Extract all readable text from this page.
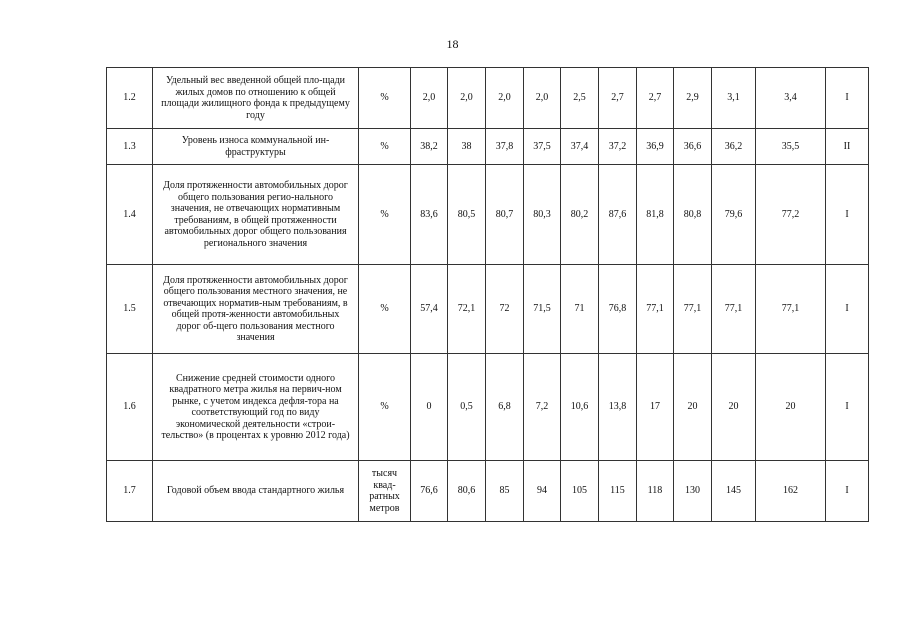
18
1.2	Удельный вес введенной общей пло-щади жилых домов по отношению к общей площади жилищного фонда к предыдущему году	%	2,0	2,0	2,0	2,0	2,5	2,7	2,7	2,9	3,1	3,4	I
1.3	Уровень износа коммунальной ин-фраструктуры	%	38,2	38	37,8	37,5	37,4	37,2	36,9	36,6	36,2	35,5	II
1.4	Доля протяженности автомобильных дорог общего пользования регио-нального значения, не отвечающих нормативным требованиям, в общей протяженности автомобильных дорог общего пользования регионального значения	%	83,6	80,5	80,7	80,3	80,2	87,6	81,8	80,8	79,6	77,2	I
1.5	Доля протяженности автомобильных дорог общего пользования местного значения, не отвечающих норматив-ным требованиям, в общей протя-женности автомобильных дорог об-щего пользования местного значения	%	57,4	72,1	72	71,5	71	76,8	77,1	77,1	77,1	77,1	I
1.6	Снижение средней стоимости одного квадратного метра жилья на первич-ном рынке, с учетом индекса дефля-тора на соответствующий год по виду экономической деятельности «строи-тельство» (в процентах к уровню 2012 года)	%	0	0,5	6,8	7,2	10,6	13,8	17	20	20	20	I
1.7	Годовой объем ввода стандартного жилья	тысяч квад-ратных метров	76,6	80,6	85	94	105	115	118	130	145	162	I
